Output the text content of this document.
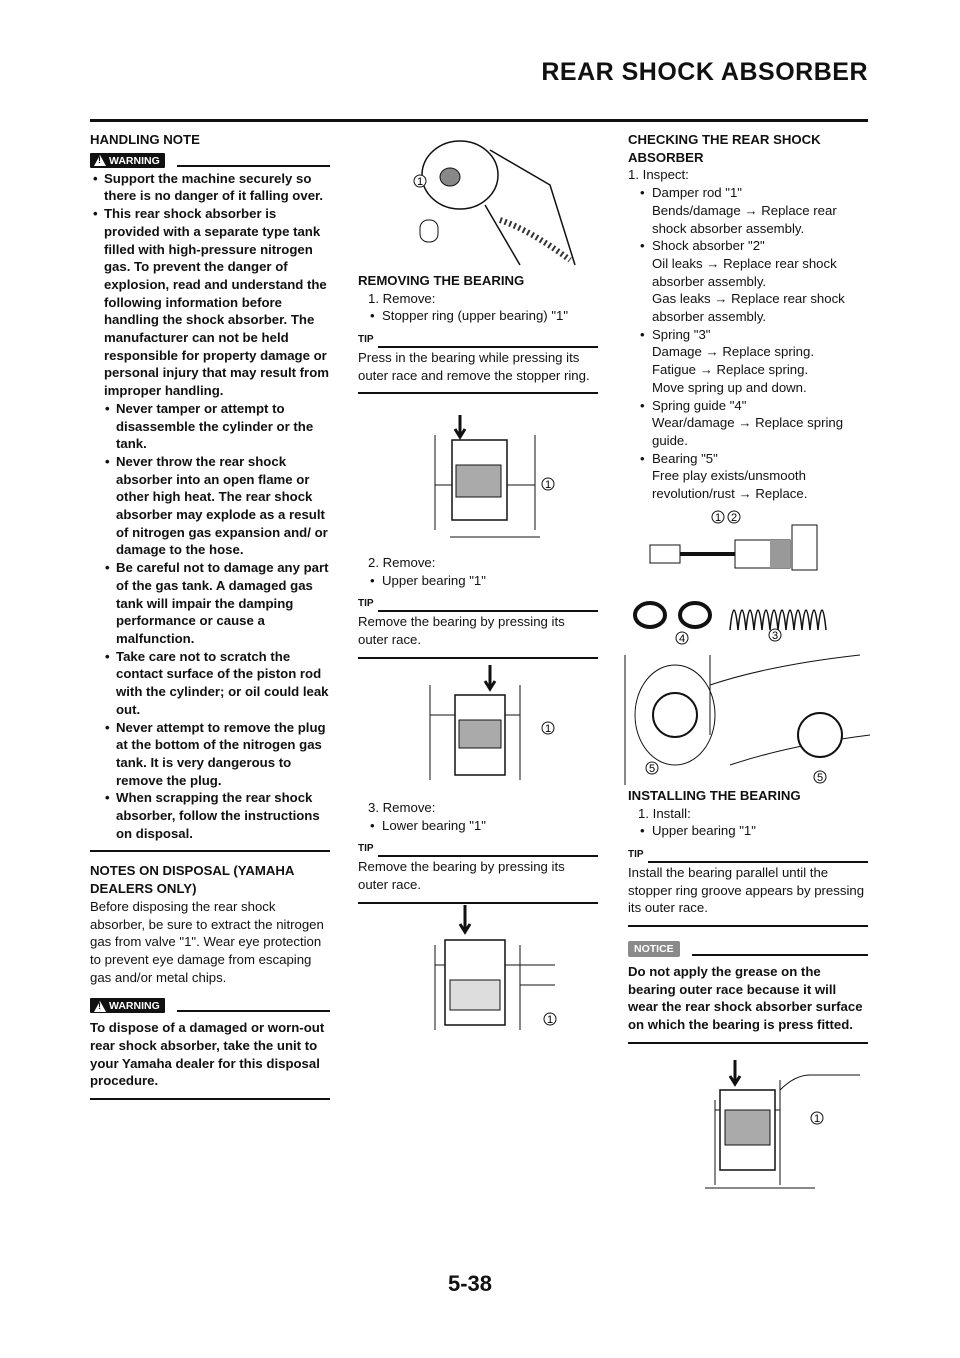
REAR SHOCK ABSORBER
HANDLING NOTE
!
WARNING
• Support the machine securely so there is no danger of it falling over.
• This rear shock absorber is provided with a separate type tank filled with high-pressure nitrogen gas. To prevent the danger of explosion, read and understand the following information before handling the shock absorber. The manufacturer can not be held responsible for property damage or personal injury that may result from improper handling.
• Never tamper or attempt to disassemble the cylinder or the tank.
• Never throw the rear shock absorber into an open flame or other high heat. The rear shock absorber may explode as a result of nitrogen gas expansion and/ or damage to the hose.
• Be careful not to damage any part of the gas tank. A damaged gas tank will impair the damping performance or cause a malfunction.
• Take care not to scratch the contact surface of the piston rod with the cylinder; or oil could leak out.
• Never attempt to remove the plug at the bottom of the nitrogen gas tank. It is very dangerous to remove the plug.
• When scrapping the rear shock absorber, follow the instructions on disposal.
NOTES ON DISPOSAL (YAMAHA DEALERS ONLY)

Before disposing the rear shock absorber, be sure to extract the nitrogen gas from valve "1". Wear eye protection to prevent eye damage from escaping gas and/or metal chips.

!
WARNING

To dispose of a damaged or worn-out rear shock absorber, take the unit to your Yamaha dealer for this disposal procedure.

1
REMOVING THE BEARING
1. Remove:
• Stopper ring (upper bearing) "1"
TIP

Press in the bearing while pressing its outer race and remove the stopper ring.

1
2. Remove:
• Upper bearing "1"
TIP

Remove the bearing by pressing its outer race.

1
3. Remove:
• Lower bearing "1"
TIP

Remove the bearing by pressing its outer race.

1
CHECKING THE REAR SHOCK ABSORBER
1. Inspect:
• Damper rod "1"
Bends/damage → Replace rear shock absorber assembly.
• Shock absorber "2"
Oil leaks → Replace rear shock absorber assembly.
Gas leaks → Replace rear shock absorber assembly.
• Spring "3"
Damage → Replace spring.
Fatigue → Replace spring.
Move spring up and down.
• Spring guide "4"
Wear/damage → Replace spring guide.
• Bearing "5"
Free play exists/unsmooth revolution/rust → Replace.
1 2
3
4
5
5
INSTALLING THE BEARING
1. Install:
• Upper bearing "1"
TIP

Install the bearing parallel until the stopper ring groove appears by pressing its outer race.

NOTICE

Do not apply the grease on the bearing outer race because it will wear the rear shock absorber surface on which the bearing is press fitted.

1
5-38
